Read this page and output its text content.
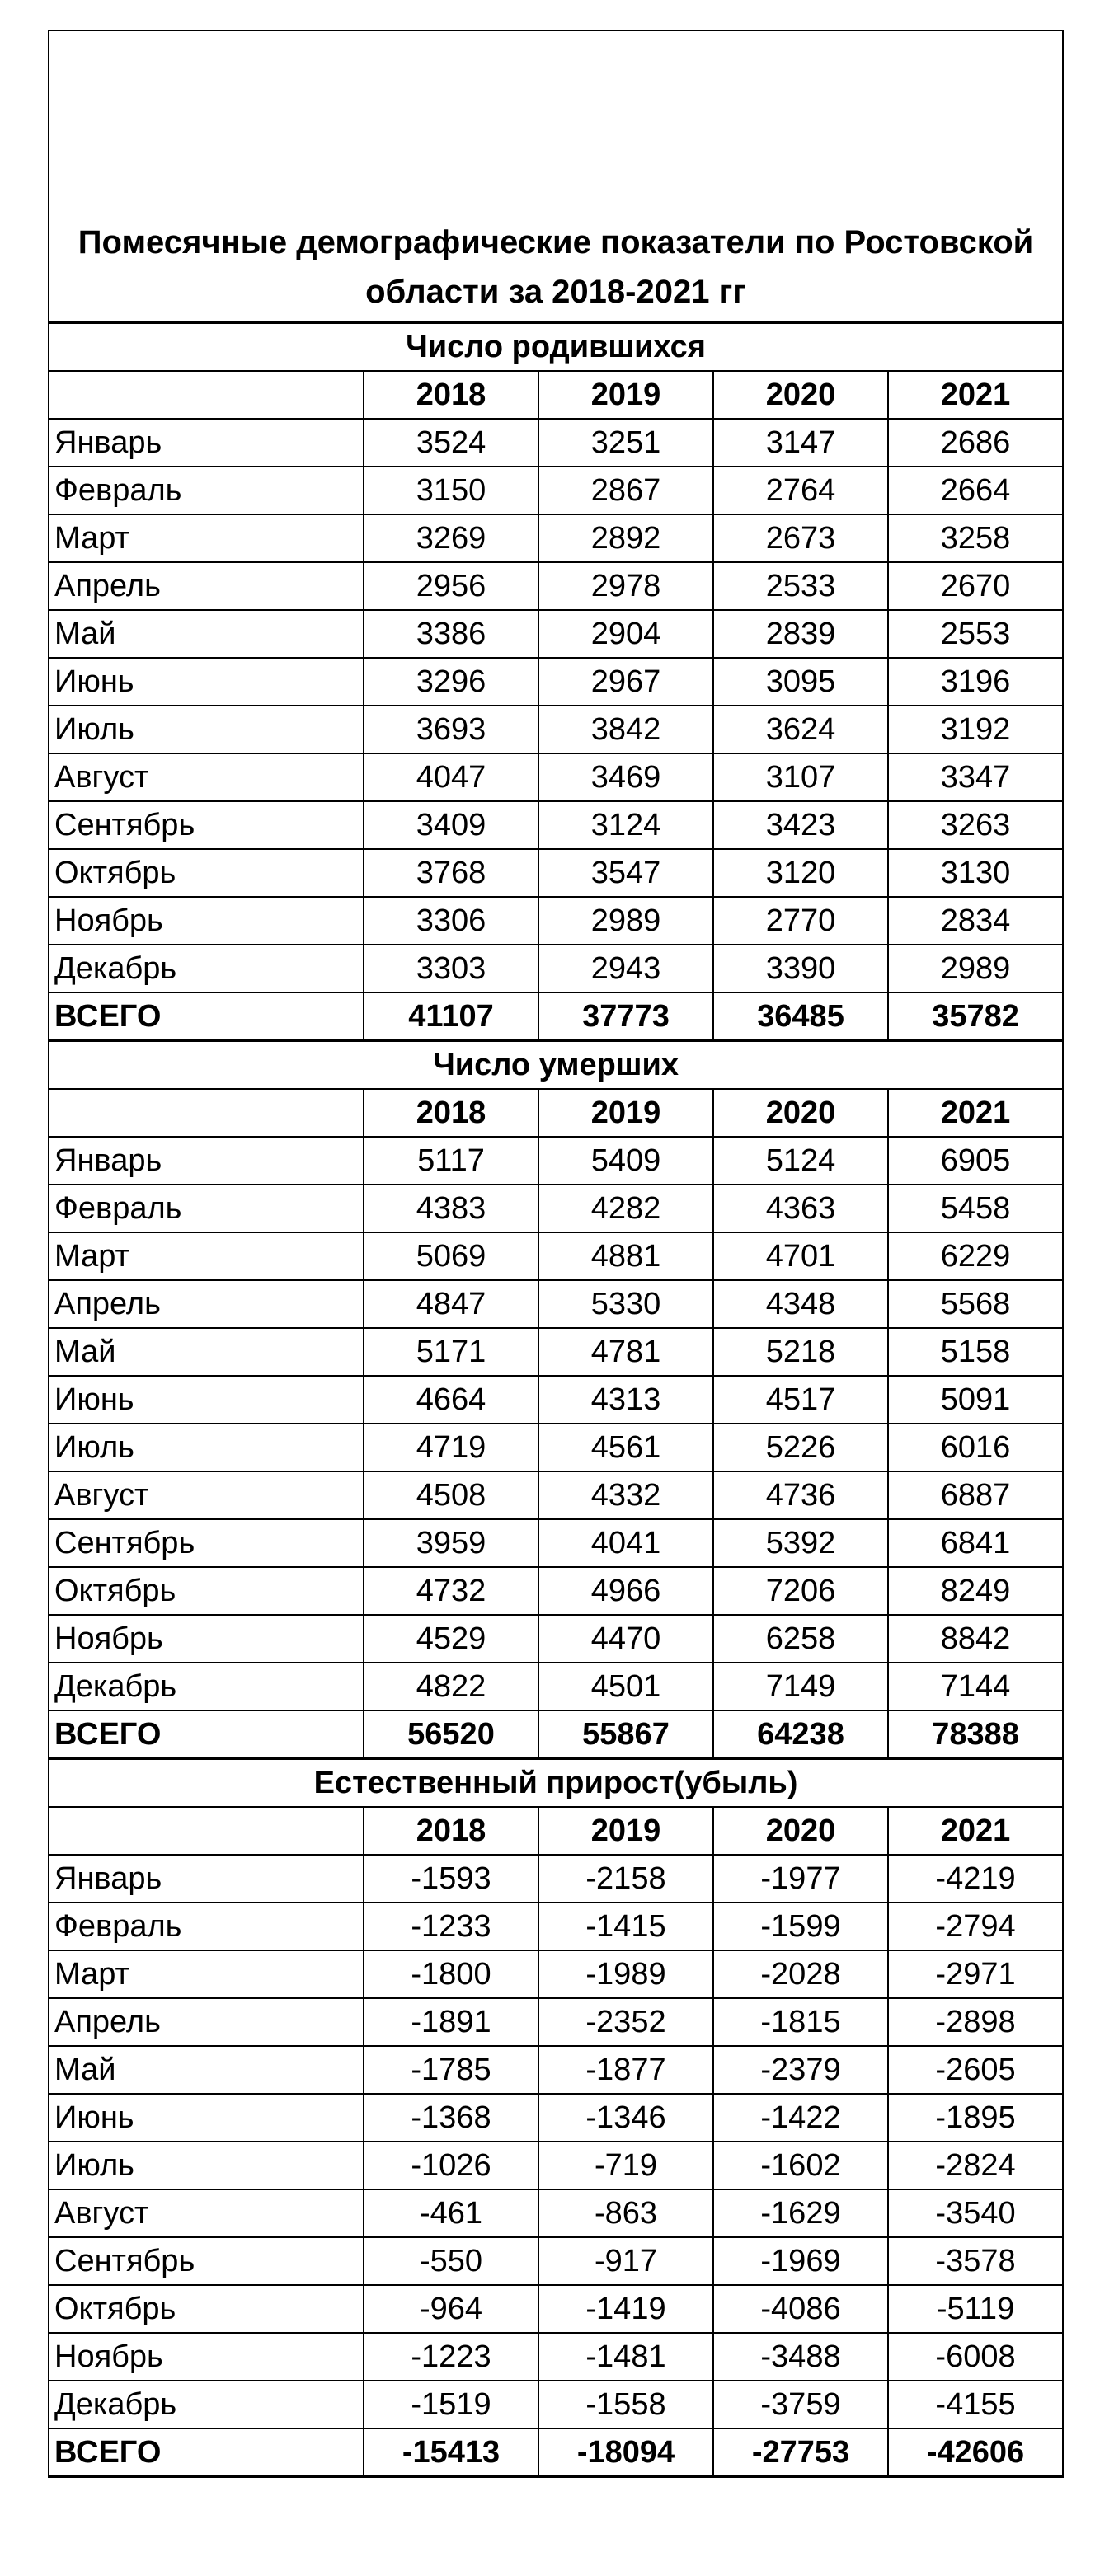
Помесячные демографические показатели по Ростовской области за 2018-2021 гг				
Число родившихся				
	2018	2019	2020	2021
Январь	3524	3251	3147	2686
Февраль	3150	2867	2764	2664
Март	3269	2892	2673	3258
Апрель	2956	2978	2533	2670
Май	3386	2904	2839	2553
Июнь	3296	2967	3095	3196
Июль	3693	3842	3624	3192
Август	4047	3469	3107	3347
Сентябрь	3409	3124	3423	3263
Октябрь	3768	3547	3120	3130
Ноябрь	3306	2989	2770	2834
Декабрь	3303	2943	3390	2989
ВСЕГО	41107	37773	36485	35782
Число умерших				
	2018	2019	2020	2021
Январь	5117	5409	5124	6905
Февраль	4383	4282	4363	5458
Март	5069	4881	4701	6229
Апрель	4847	5330	4348	5568
Май	5171	4781	5218	5158
Июнь	4664	4313	4517	5091
Июль	4719	4561	5226	6016
Август	4508	4332	4736	6887
Сентябрь	3959	4041	5392	6841
Октябрь	4732	4966	7206	8249
Ноябрь	4529	4470	6258	8842
Декабрь	4822	4501	7149	7144
ВСЕГО	56520	55867	64238	78388
Естественный прирост(убыль)				
	2018	2019	2020	2021
Январь	-1593	-2158	-1977	-4219
Февраль	-1233	-1415	-1599	-2794
Март	-1800	-1989	-2028	-2971
Апрель	-1891	-2352	-1815	-2898
Май	-1785	-1877	-2379	-2605
Июнь	-1368	-1346	-1422	-1895
Июль	-1026	-719	-1602	-2824
Август	-461	-863	-1629	-3540
Сентябрь	-550	-917	-1969	-3578
Октябрь	-964	-1419	-4086	-5119
Ноябрь	-1223	-1481	-3488	-6008
Декабрь	-1519	-1558	-3759	-4155
ВСЕГО	-15413	-18094	-27753	-42606
